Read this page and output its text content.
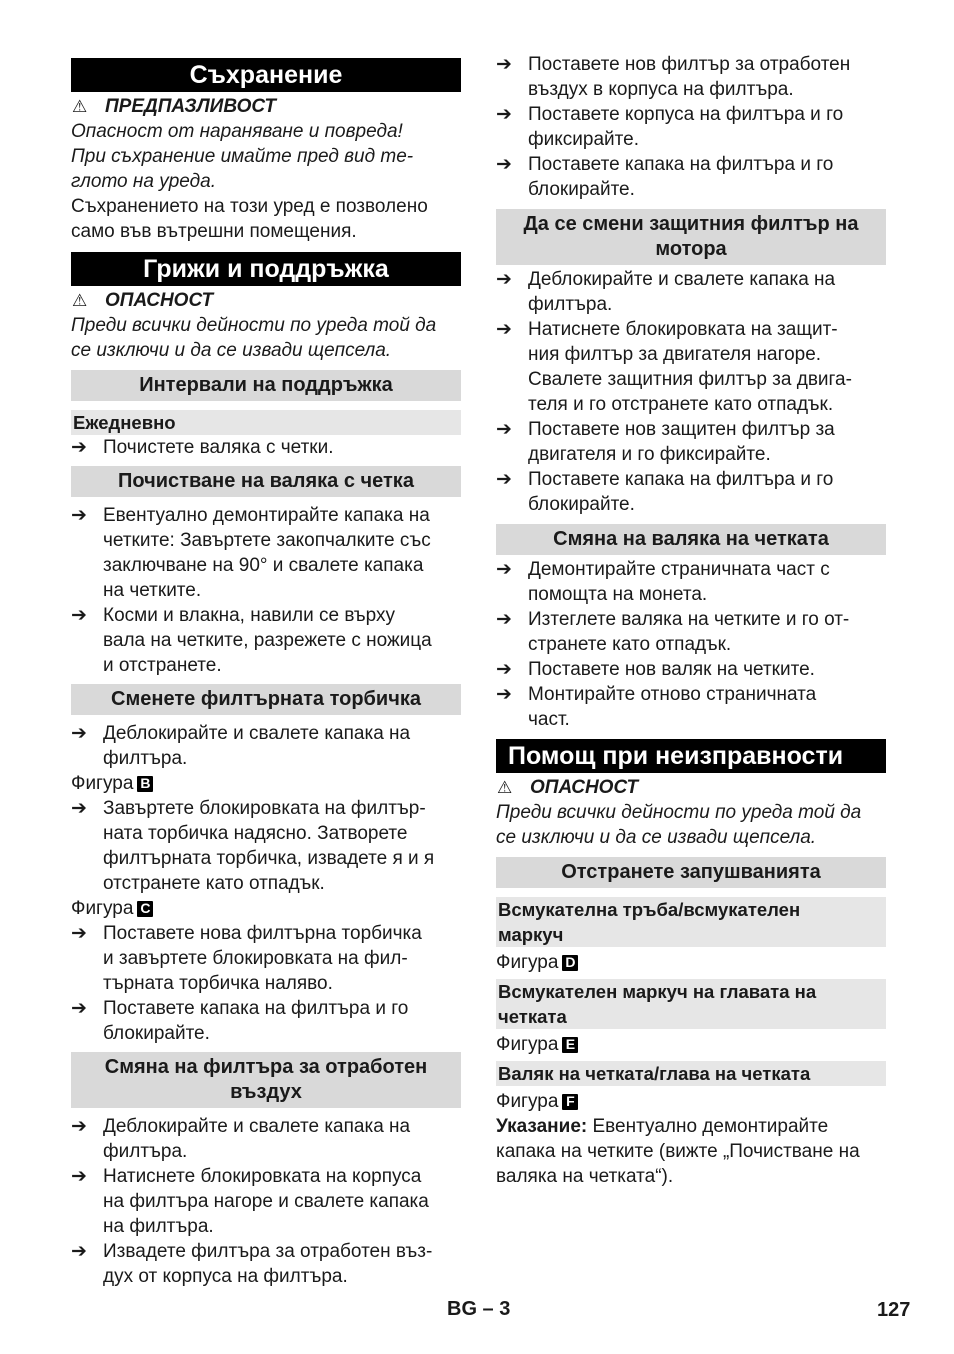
Съхранение
⚠ ПРЕДПАЗЛИВОСТ
Опасност от нараняване и повреда!
При съхранение имайте пред вид те-
глото на уреда.
Съхранението на този уред е позволено
само във вътрешни помещения.
Грижи и поддръжка
⚠ ОПАСНОСТ
Преди всички дейности по уреда той да
се изключи и да се извади щепсела.
Интервали на поддръжка
Ежедневно
➔ Почистете валяка с четки.
Почистване на валяка с четка
➔ Евентуално демонтирайте капака на
четките: Завъртете закопчалките със
заключване на 90° и свалете капака
на четките.
➔ Косми и влакна, навили се върху
вала на четките, разрежете с ножица
и отстранете.
Сменете филтърната торбичка
➔ Деблокирайте и свалете капака на
филтъра.
Фигура B
➔ Завъртете блокировката на филтър-
ната торбичка надясно. Затворете
филтърната торбичка, извадете я и я
отстранете като отпадък.
Фигура C
➔ Поставете нова филтърна торбичка
и завъртете блокировката на фил-
търната торбичка наляво.
➔ Поставете капака на филтъра и го
блокирайте.
Смяна на филтъра за отработен
въздух
➔ Деблокирайте и свалете капака на
филтъра.
➔ Натиснете блокировката на корпуса
на филтъра нагоре и свалете капака
на филтъра.
➔ Извадете филтъра за отработен въз-
дух от корпуса на филтъра.
➔ Поставете нов филтър за отработен
въздух в корпуса на филтъра.
➔ Поставете корпуса на филтъра и го
фиксирайте.
➔ Поставете капака на филтъра и го
блокирайте.
Да се смени защитния филтър на
мотора
➔ Деблокирайте и свалете капака на
филтъра.
➔ Натиснете блокировката на защит-
ния филтър за двигателя нагоре.
Свалете защитния филтър за двига-
теля и го отстранете като отпадък.
➔ Поставете нов защитен филтър за
двигателя и го фиксирайте.
➔ Поставете капака на филтъра и го
блокирайте.
Смяна на валяка на четката
➔ Демонтирайте страничната част с
помощта на монета.
➔ Изтеглете валяка на четките и го от-
странете като отпадък.
➔ Поставете нов валяк на четките.
➔ Монтирайте отново страничната
част.
Помощ при неизправности
⚠ ОПАСНОСТ
Преди всички дейности по уреда той да
се изключи и да се извади щепсела.
Отстранете запушванията
Всмукателна тръба/всмукателен
маркуч
Фигура D
Всмукателен маркуч на главата на
четката
Фигура E
Валяк на четката/глава на четката
Фигура F
Указание: Евентуално демонтирайте
капака на четките (вижте „Почистване на
валяка на четката“).
BG – 3	127
